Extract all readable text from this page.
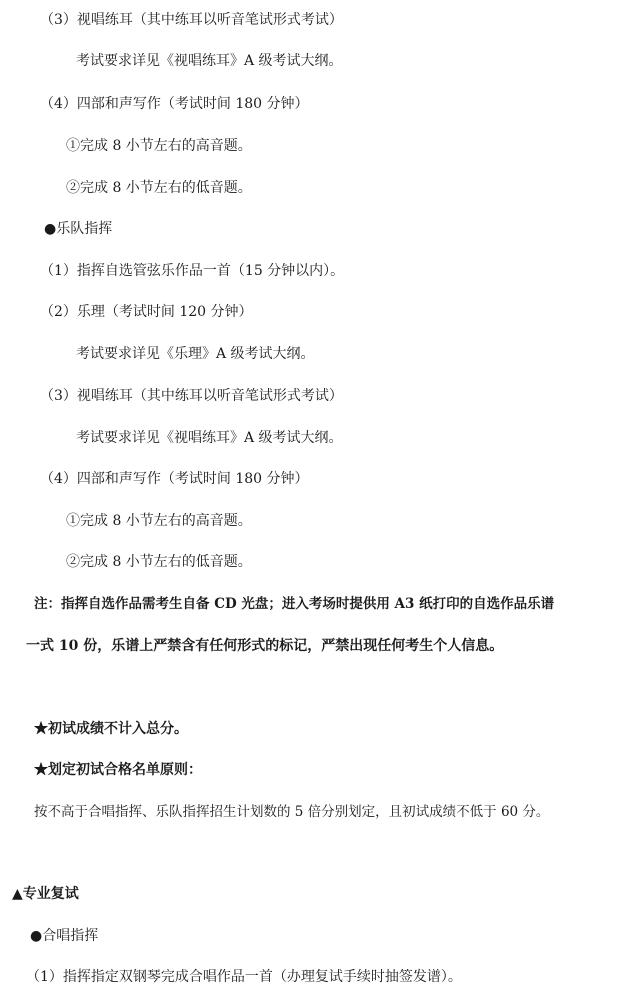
（3）视唱练耳（其中练耳以听音笔试形式考试）
考试要求详见《视唱练耳》A 级考试大纲。
（4）四部和声写作（考试时间 180 分钟）
①完成 8 小节左右的高音题。
②完成 8 小节左右的低音题。
●乐队指挥
（1）指挥自选管弦乐作品一首（15 分钟以内）。
（2）乐理（考试时间 120 分钟）
考试要求详见《乐理》A 级考试大纲。
（3）视唱练耳（其中练耳以听音笔试形式考试）
考试要求详见《视唱练耳》A 级考试大纲。
（4）四部和声写作（考试时间 180 分钟）
①完成 8 小节左右的高音题。
②完成 8 小节左右的低音题。
注：指挥自选作品需考生自备 CD 光盘；进入考场时提供用 A3 纸打印的自选作品乐谱
一式 10 份，乐谱上严禁含有任何形式的标记，严禁出现任何考生个人信息。
★初试成绩不计入总分。
★划定初试合格名单原则：
按不高于合唱指挥、乐队指挥招生计划数的 5 倍分别划定，且初试成绩不低于 60 分。
▲专业复试
●合唱指挥
（1）指挥指定双钢琴完成合唱作品一首（办理复试手续时抽签发谱）。
